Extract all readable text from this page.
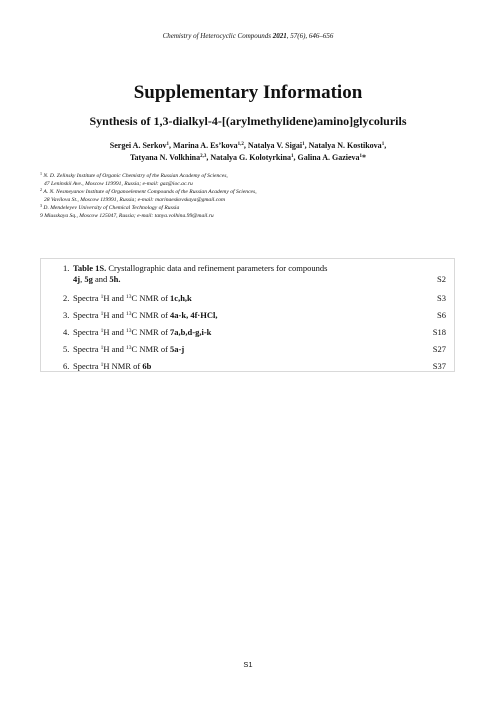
Chemistry of Heterocyclic Compounds 2021, 57(6), 646–656
Supplementary Information
Synthesis of 1,3-dialkyl-4-[(arylmethylidene)amino]glycolurils
Sergei A. Serkov$^1$, Marina A. Es’kova$^{1,2}$, Natalya V. Sigai$^1$, Natalya N. Kostikova$^1$,
Tatyana N. Volkhina$^{2,3}$, Natalya G. Kolotyrkina$^1$, Galina A. Gazieva$^1$*
$^1$ N. D. Zelinsky Institute of Organic Chemistry of the Russian Academy of Sciences,
47 Leninskii Ave., Moscow 119991, Russia; e-mail: gaz@ioc.ac.ru
$^2$ A. N. Nesmeyanov Institute of Organoelement Compounds of the Russian Academy of Sciences,
28 Vavilova St., Moscow 119991, Russia; e-mail: marinaeskovskaya@gmail.com
$^3$ D. Mendeleyev University of Chemical Technology of Russia
9 Miusskaya Sq., Moscow 125047, Russia; e-mail: tanya.volhina.99@mail.ru
1. Table 1S. Crystallographic data and refinement parameters for compounds
4j, 5g and 5h.	S2
2. Spectra $^1$H and $^{13}$C NMR of 1c,h,k	S3
3. Spectra $^1$H and $^{13}$C NMR of 4a-k, 4f·HCl,	S6
4. Spectra $^1$H and $^{13}$C NMR of 7a,b,d-g,i-k	S18
5. Spectra $^1$H and $^{13}$C NMR of 5a-j	S27
6. Spectra $^1$H NMR of 6b	S37
S1
